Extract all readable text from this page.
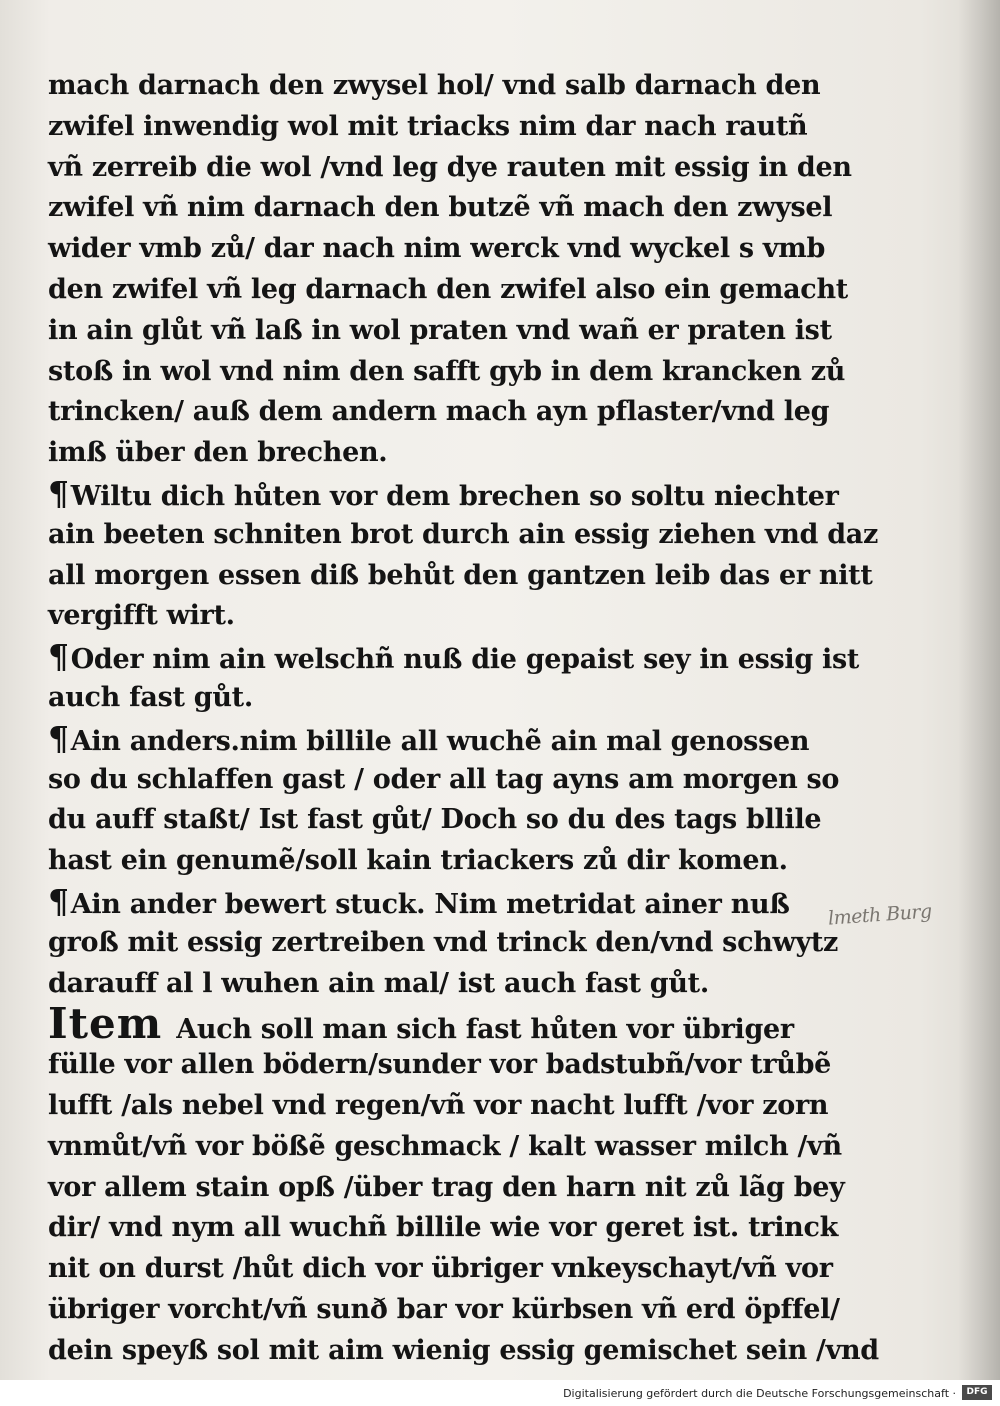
mach darnach den zwysel hol/ vnd salb darnach den
zwifel inwendig wol mit triacks nim dar nach rautñ
vñ zerreib die wol /vnd leg dye rauten mit essig in den
zwifel vñ nim darnach den butzẽ vñ mach den zwysel
wider vmb zů/ dar nach nim werck vnd wyckel s vmb
den zwifel vñ leg darnach den zwifel also ein gemacht
in ain glůt vñ laß in wol praten vnd wañ er praten ist
stoß in wol vnd nim den safft gyb in dem krancken zů
trincken/ auß dem andern mach ayn pflaster/vnd leg
imß über den brechen.
¶Wiltu dich hůten vor dem brechen so soltu niechter
ain beeten schniten brot durch ain essig ziehen vnd daz
all morgen essen diß behůt den gantzen leib das er nitt
vergifft wirt.
¶Oder nim ain welschñ nuß die gepaist sey in essig ist
auch fast gůt.
¶Ain anders.nim billile all wuchẽ ain mal genossen
so du schlaffen gast / oder all tag ayns am morgen so
du auff staßt/ Ist fast gůt/ Doch so du des tags bllile
hast ein genumẽ/soll kain triackers zů dir komen.
¶Ain ander bewert stuck. Nim metridat ainer nuß
groß mit essig zertreiben vnd trinck den/vnd schwytz
darauff al l wuhen ain mal/ ist auch fast gůt.
Item Auch soll man sich fast hůten vor übriger
fülle vor allen bödern/sunder vor badstubñ/vor trůbẽ
lufft /als nebel vnd regen/vñ vor nacht lufft /vor zorn
vnmůt/vñ vor bößẽ geschmack / kalt wasser milch /vñ
vor allem stain opß /über trag den harn nit zů lãg bey
dir/ vnd nym all wuchñ billile wie vor geret ist. trinck
nit on durst /hůt dich vor übriger vnkeyschayt/vñ vor
übriger vorcht/vñ sunð bar vor kürbsen vñ erd öpffel/
dein speyß sol mit aim wienig essig gemischet sein /vnd
lmeth Burg
Digitalisierung gefördert durch die Deutsche Forschungsgemeinschaft ·	DFG
